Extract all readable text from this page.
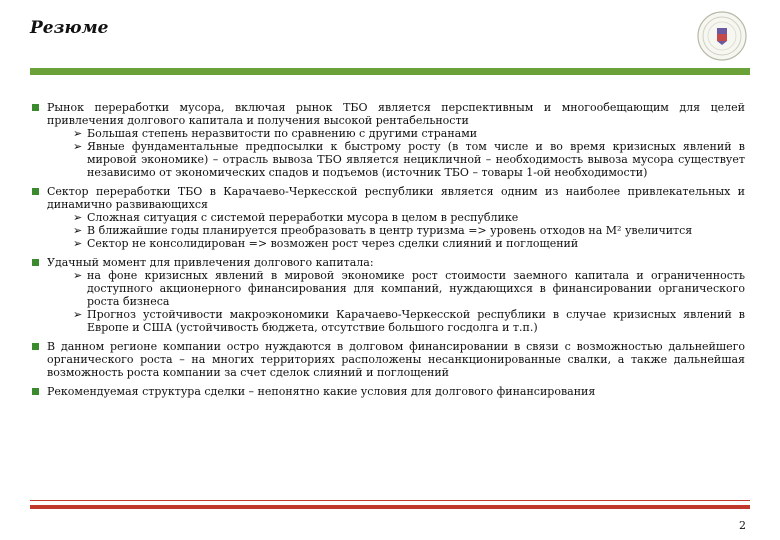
Резюме
Рынок переработки мусора, включая рынок ТБО является перспективным и многообещающим для целей привлечения долгового капитала и получения высокой рентабельности
➢ Большая степень неразвитости по сравнению с другими странами
➢ Явные фундаментальные предпосылки к быстрому росту (в том числе и во время кризисных явлений в мировой экономике) – отрасль вывоза ТБО является нецикличной – необходимость вывоза мусора существует независимо от экономических спадов и подъемов (источник ТБО – товары 1-ой необходимости)
Сектор переработки ТБО в Карачаево-Черкесской республики является одним из наиболее привлекательных и динамично развивающихся
➢ Сложная ситуация с системой переработки мусора в целом в республике
➢ В ближайшие годы планируется преобразовать в центр туризма => уровень отходов на М² увеличится
➢ Сектор не консолидирован => возможен рост через сделки слияний и поглощений
Удачный момент для привлечения долгового капитала:
➢ на фоне кризисных явлений в мировой экономике рост стоимости заемного капитала и ограниченность доступного акционерного финансирования для компаний, нуждающихся в финансировании органического роста бизнеса
➢ Прогноз устойчивости макроэкономики Карачаево-Черкесской республики в случае кризисных явлений в Европе и США (устойчивость бюджета, отсутствие большого госдолга и т.п.)
В данном регионе компании остро нуждаются в долговом финансировании в связи с возможностью дальнейшего органического роста – на многих территориях расположены несанкционированные свалки, а также дальнейшая возможность роста компании за счет сделок слияний и поглощений
Рекомендуемая структура сделки – непонятно какие условия для долгового финансирования
2
